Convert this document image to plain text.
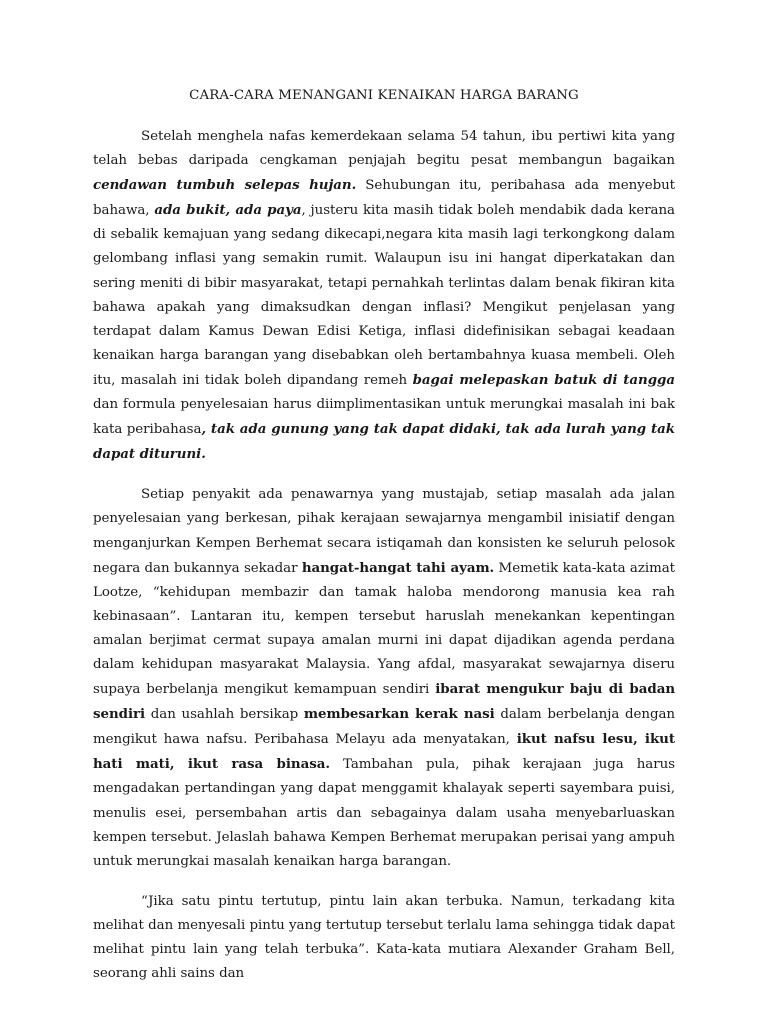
CARA-CARA MENANGANI KENAIKAN HARGA BARANG

Setelah menghela nafas kemerdekaan selama 54 tahun, ibu pertiwi kita yang telah bebas daripada cengkaman penjajah begitu pesat membangun bagaikan cendawan tumbuh selepas hujan. Sehubungan itu, peribahasa ada menyebut bahawa, ada bukit, ada paya, justeru kita masih tidak boleh mendabik dada kerana di sebalik kemajuan yang sedang dikecapi,negara kita masih lagi terkongkong dalam gelombang inflasi yang semakin rumit. Walaupun isu ini hangat diperkatakan dan sering meniti di bibir masyarakat, tetapi pernahkah terlintas dalam benak fikiran kita bahawa apakah yang dimaksudkan dengan inflasi? Mengikut penjelasan yang terdapat dalam Kamus Dewan Edisi Ketiga, inflasi didefinisikan sebagai keadaan kenaikan harga barangan yang disebabkan oleh bertambahnya kuasa membeli. Oleh itu, masalah ini tidak boleh dipandang remeh bagai melepaskan batuk di tangga dan formula penyelesaian harus diimplimentasikan untuk merungkai masalah ini bak kata peribahasa, tak ada gunung yang tak dapat didaki, tak ada lurah yang tak dapat dituruni.

Setiap penyakit ada penawarnya yang mustajab, setiap masalah ada jalan penyelesaian yang berkesan, pihak kerajaan sewajarnya mengambil inisiatif dengan menganjurkan Kempen Berhemat secara istiqamah dan konsisten ke seluruh pelosok negara dan bukannya sekadar hangat-hangat tahi ayam. Memetik kata-kata azimat Lootze, “kehidupan membazir dan tamak haloba mendorong manusia kea rah kebinasaan”. Lantaran itu, kempen tersebut haruslah menekankan kepentingan amalan berjimat cermat supaya amalan murni ini dapat dijadikan agenda perdana dalam kehidupan masyarakat Malaysia. Yang afdal, masyarakat sewajarnya diseru supaya berbelanja mengikut kemampuan sendiri ibarat mengukur baju di badan sendiri dan usahlah bersikap membesarkan kerak nasi dalam berbelanja dengan mengikut hawa nafsu. Peribahasa Melayu ada menyatakan, ikut nafsu lesu, ikut hati mati, ikut rasa binasa. Tambahan pula, pihak kerajaan juga harus mengadakan pertandingan yang dapat menggamit khalayak seperti sayembara puisi, menulis esei, persembahan artis dan sebagainya dalam usaha menyebarluaskan kempen tersebut. Jelaslah bahawa Kempen Berhemat merupakan perisai yang ampuh untuk merungkai masalah kenaikan harga barangan.

“Jika satu pintu tertutup, pintu lain akan terbuka. Namun, terkadang kita melihat dan menyesali pintu yang tertutup tersebut terlalu lama sehingga tidak dapat melihat pintu lain yang telah terbuka”. Kata-kata mutiara Alexander Graham Bell, seorang ahli sains dan
